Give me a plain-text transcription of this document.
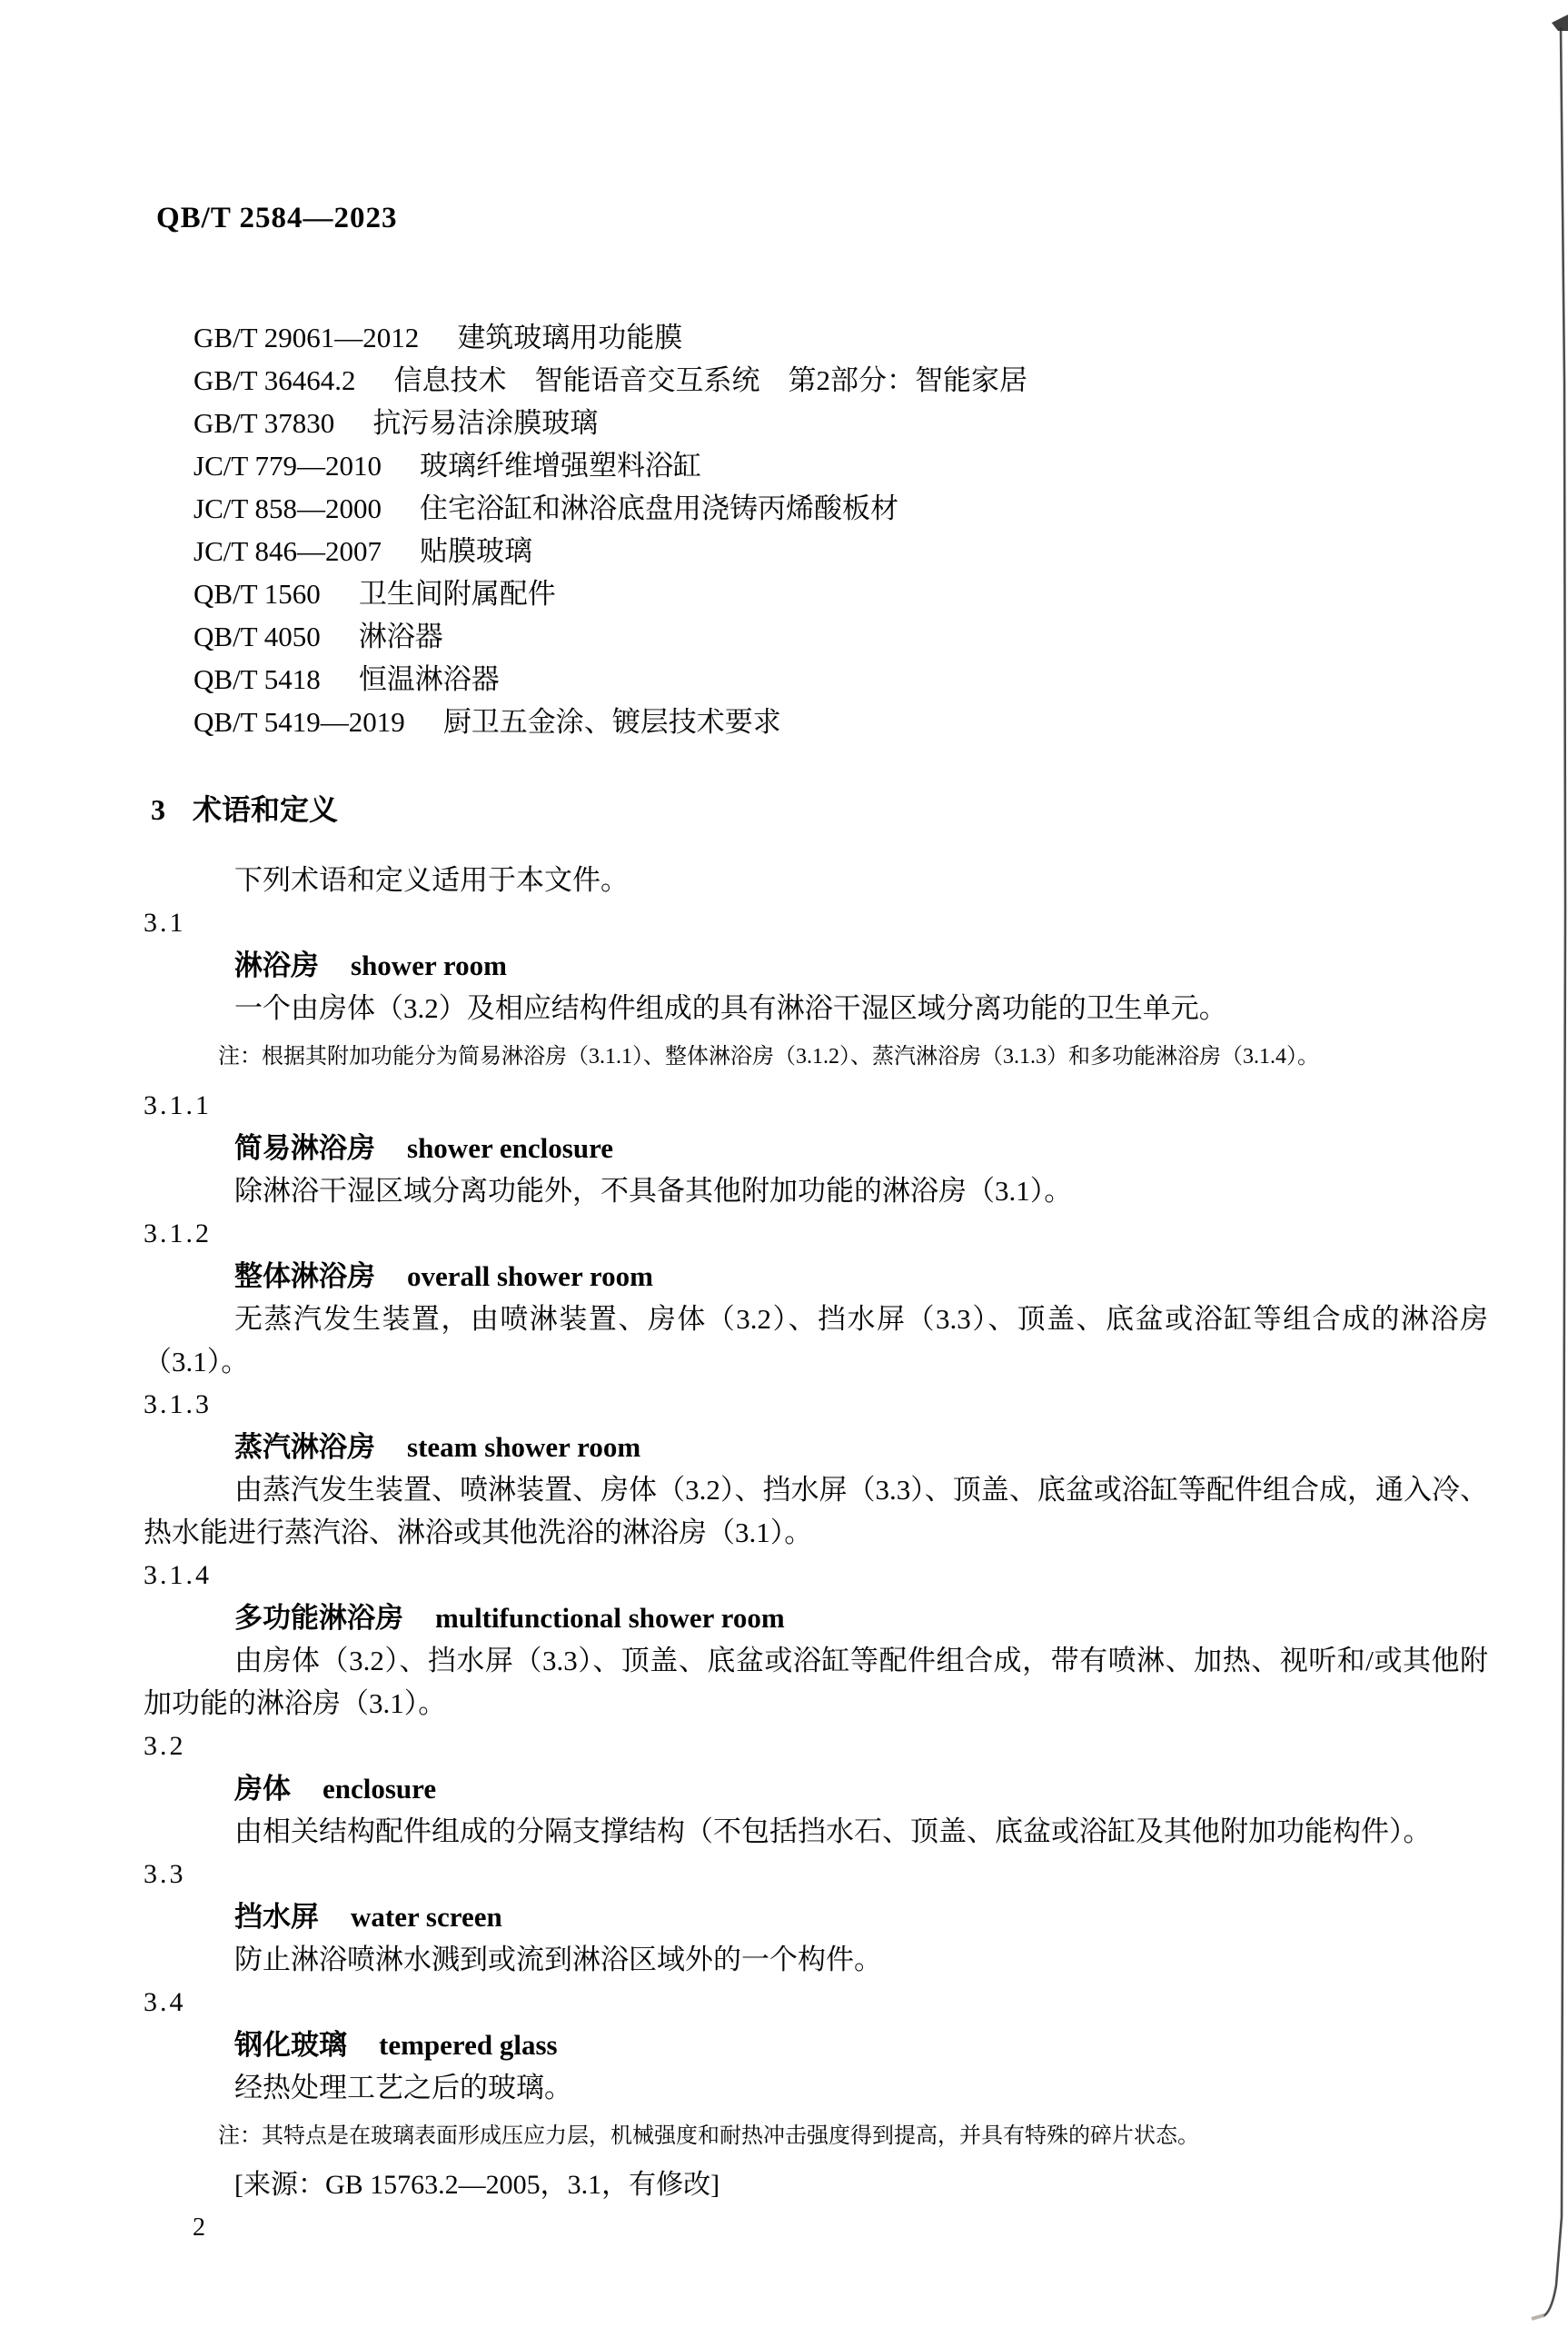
QB/T 2584—2023
GB/T 29061—2012 建筑玻璃用功能膜
GB/T 36464.2 信息技术　智能语音交互系统　第2部分：智能家居
GB/T 37830 抗污易洁涂膜玻璃
JC/T 779—2010 玻璃纤维增强塑料浴缸
JC/T 858—2000 住宅浴缸和淋浴底盘用浇铸丙烯酸板材
JC/T 846—2007 贴膜玻璃
QB/T 1560 卫生间附属配件
QB/T 4050 淋浴器
QB/T 5418 恒温淋浴器
QB/T 5419—2019 厨卫五金涂、镀层技术要求
3 术语和定义

下列术语和定义适用于本文件。

3.1
淋浴房 shower room

一个由房体（3.2）及相应结构件组成的具有淋浴干湿区域分离功能的卫生单元。

注：根据其附加功能分为简易淋浴房（3.1.1）、整体淋浴房（3.1.2）、蒸汽淋浴房（3.1.3）和多功能淋浴房（3.1.4）。

3.1.1
简易淋浴房 shower enclosure

除淋浴干湿区域分离功能外，不具备其他附加功能的淋浴房（3.1）。

3.1.2
整体淋浴房 overall shower room

无蒸汽发生装置，由喷淋装置、房体（3.2）、挡水屏（3.3）、顶盖、底盆或浴缸等组合成的淋浴房（3.1）。

3.1.3
蒸汽淋浴房 steam shower room

由蒸汽发生装置、喷淋装置、房体（3.2）、挡水屏（3.3）、顶盖、底盆或浴缸等配件组合成，通入冷、热水能进行蒸汽浴、淋浴或其他洗浴的淋浴房（3.1）。

3.1.4
多功能淋浴房 multifunctional shower room

由房体（3.2）、挡水屏（3.3）、顶盖、底盆或浴缸等配件组合成，带有喷淋、加热、视听和/或其他附加功能的淋浴房（3.1）。

3.2
房体 enclosure

由相关结构配件组成的分隔支撑结构（不包括挡水石、顶盖、底盆或浴缸及其他附加功能构件）。

3.3
挡水屏 water screen

防止淋浴喷淋水溅到或流到淋浴区域外的一个构件。

3.4
钢化玻璃 tempered glass

经热处理工艺之后的玻璃。

注：其特点是在玻璃表面形成压应力层，机械强度和耐热冲击强度得到提高，并具有特殊的碎片状态。

[来源：GB 15763.2—2005，3.1，有修改]

2
